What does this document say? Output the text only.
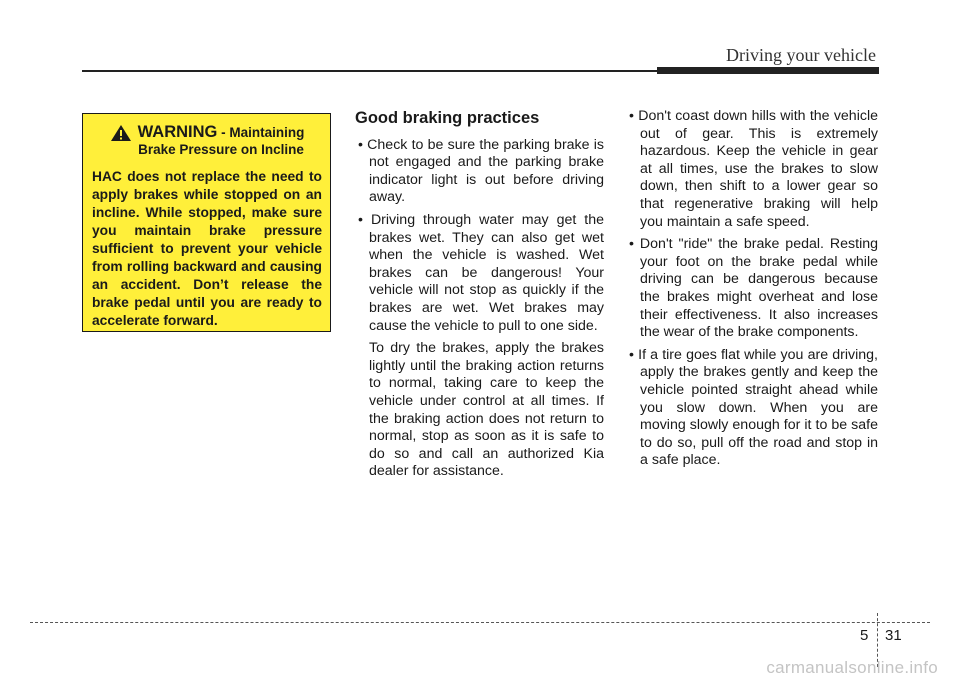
Driving your vehicle
WARNING - Maintaining
Brake Pressure on Incline
HAC does not replace the need to apply brakes while stopped on an incline. While stopped, make sure you maintain brake pressure sufficient to prevent your vehicle from rolling backward and causing an accident. Don’t release the brake pedal until you are ready to accelerate forward.
Good braking practices
• Check to be sure the parking brake is not engaged and the parking brake indicator light is out before driving away.
• Driving through water may get the brakes wet. They can also get wet when the vehicle is washed. Wet brakes can be dangerous! Your vehicle will not stop as quickly if the brakes are wet. Wet brakes may cause the vehicle to pull to one side.
To dry the brakes, apply the brakes lightly until the braking action returns to normal, taking care to keep the vehicle under control at all times. If the braking action does not return to normal, stop as soon as it is safe to do so and call an authorized Kia dealer for assistance.
• Don't coast down hills with the vehicle out of gear. This is extremely hazardous. Keep the vehicle in gear at all times, use the brakes to slow down, then shift to a lower gear so that regenerative braking will help you maintain a safe speed.
• Don't "ride" the brake pedal. Resting your foot on the brake pedal while driving can be dangerous because the brakes might overheat and lose their effectiveness. It also increases the wear of the brake components.
• If a tire goes flat while you are driving, apply the brakes gently and keep the vehicle pointed straight ahead while you slow down. When you are moving slowly enough for it to be safe to do so, pull off the road and stop in a safe place.
5 31
carmanualsonline.info
